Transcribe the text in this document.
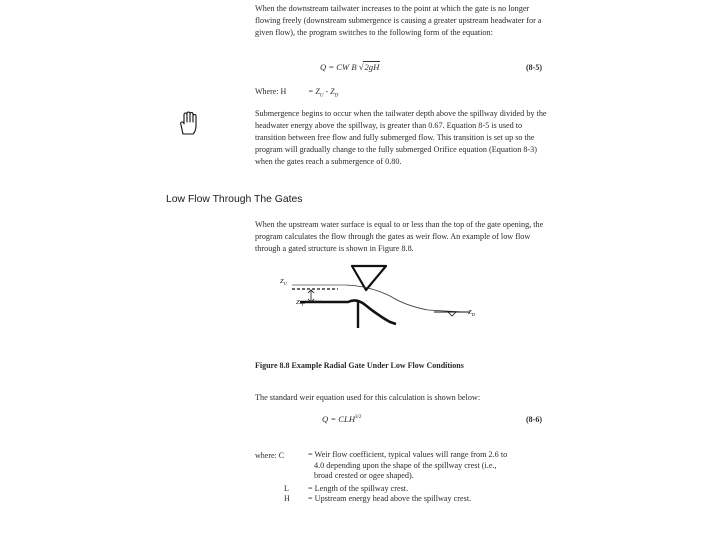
When the downstream tailwater increases to the point at which the gate is no longer flowing freely (downstream submergence is causing a greater upstream headwater for a given flow), the program switches to the following form of the equation:
Q = CW B √2gH	(8-5)
Where: H	= $Z_U - Z_D$
Submergence begins to occur when the tailwater depth above the spillway divided by the headwater energy above the spillway, is greater than 0.67. Equation 8-5 is used to transition between free flow and fully submerged flow. This transition is set up so the program will gradually change to the fully submerged Orifice equation (Equation 8-3) when the gates reach a submergence of 0.80.
Low Flow Through The Gates
When the upstream water surface is equal to or less than the top of the gate opening, the program calculates the flow through the gates as weir flow. An example of low flow through a gated structure is shown in Figure 8.8.
$Z_U$
Zsp
$Z_D$
Figure 8.8 Example Radial Gate Under Low Flow Conditions
The standard weir equation used for this calculation is shown below:
$Q = CLH^{3/2}$	(8-6)
where: C	= Weir flow coefficient, typical values will range from 2.6 to
4.0 depending upon the shape of the spillway crest (i.e.,
broad crested or ogee shaped).
L = Length of the spillway crest.
H = Upstream energy head above the spillway crest.
